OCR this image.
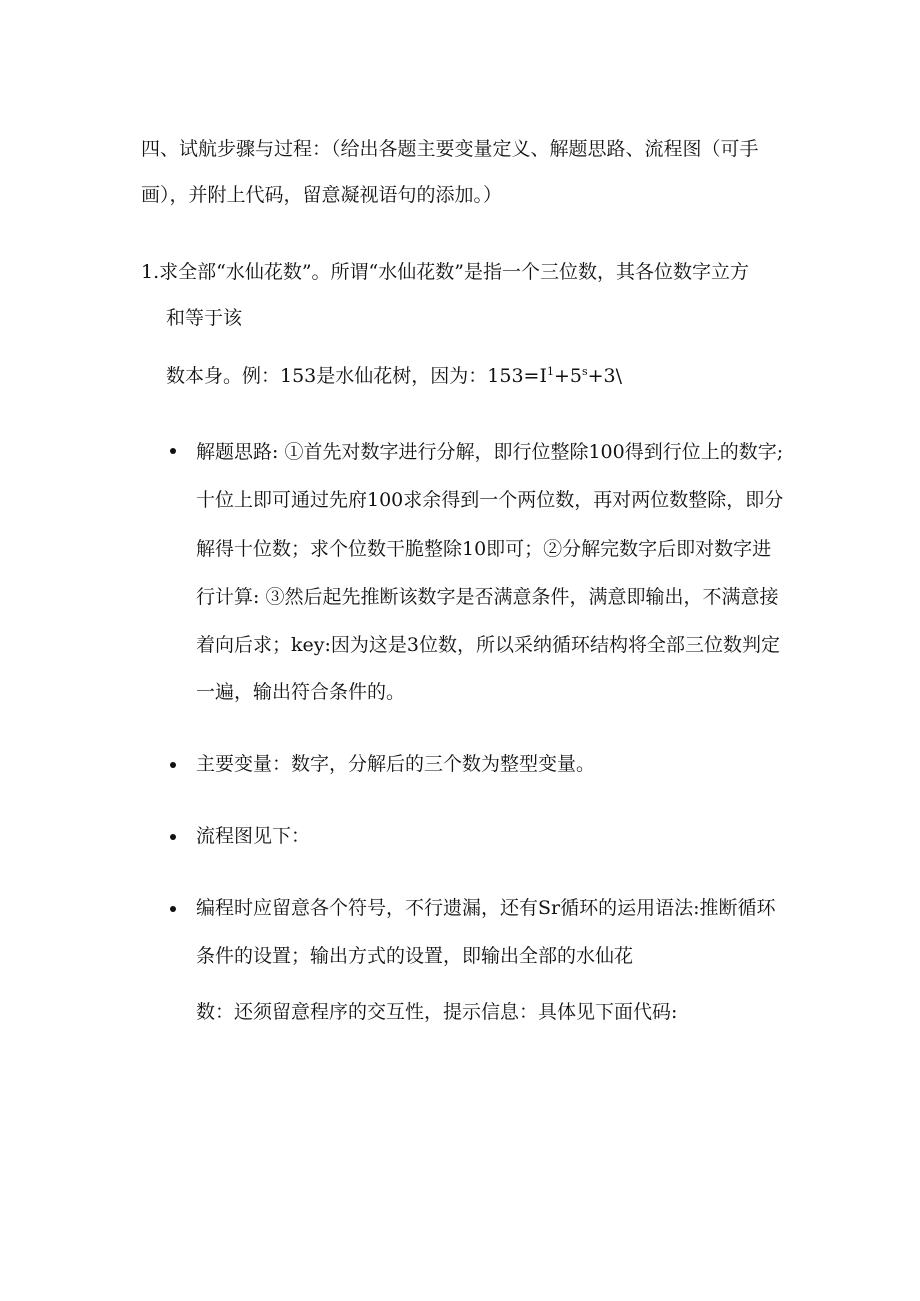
四、试航步骤与过程：（给出各题主要变量定义、解题思路、流程图（可手
画），并附上代码，留意凝视语句的添加。）
1.求全部“水仙花数”。所谓“水仙花数”是指一个三位数，其各位数字立方
和等于该
数本身。例：153是水仙花树，因为：$153=I^1+5^s+3\backslash$
解题思路: ①首先对数字进行分解，即行位整除100得到行位上的数字;
十位上即可通过先府100求余得到一个两位数，再对两位数整除，即分
解得十位数；求个位数干脆整除10即可；②分解完数字后即对数字进
行计算: ③然后起先推断该数字是否满意条件，满意即输出，不满意接
着向后求；key:因为这是3位数，所以采纳循环结构将全部三位数判定
一遍，输出符合条件的。
主要变量：数字，分解后的三个数为整型变量。
流程图见下：
编程时应留意各个符号，不行遗漏，还有Sr循环的运用语法:推断循环
条件的设置；输出方式的设置，即输出全部的水仙花
数：还须留意程序的交互性，提示信息：具体见下面代码:
